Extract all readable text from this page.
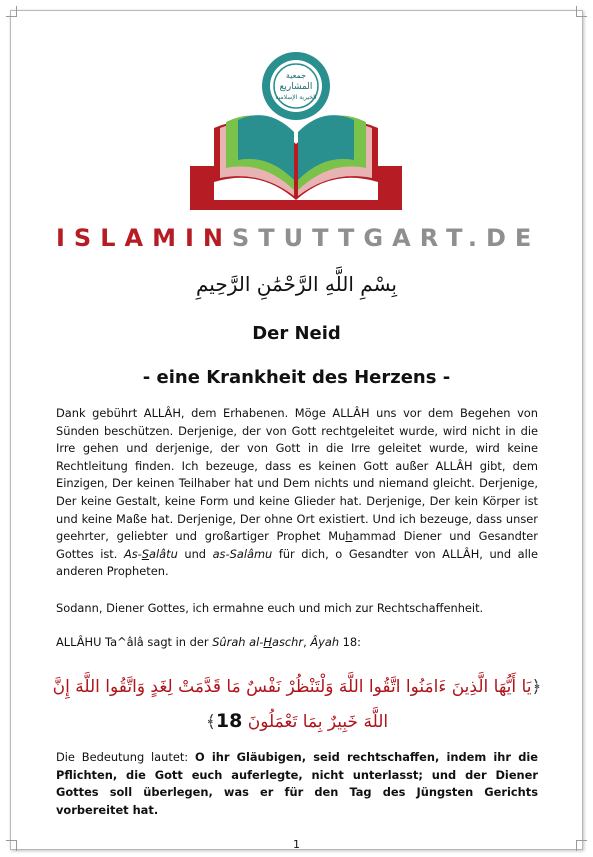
جمعية
المشاريع
الخيرية الإسلامية
ISLAMINSTUTTGART.DE
بِسْمِ اللَّهِ الرَّحْمَٰنِ الرَّحِيمِ
Der Neid
- eine Krankheit des Herzens -
Dank gebührt ALLÂH, dem Erhabenen. Möge ALLÂH uns vor dem Begehen von Sünden beschützen. Derjenige, der von Gott rechtgeleitet wurde, wird nicht in die Irre gehen und derjenige, der von Gott in die Irre geleitet wurde, wird keine Rechtleitung finden. Ich bezeuge, dass es keinen Gott außer ALLÂH gibt, dem Einzigen, Der keinen Teilhaber hat und Dem nichts und niemand gleicht. Derjenige, Der keine Gestalt, keine Form und keine Glieder hat. Derjenige, Der kein Körper ist und keine Maße hat. Derjenige, Der ohne Ort existiert. Und ich bezeuge, dass unser geehrter, geliebter und großartiger Prophet Muhammad Diener und Gesandter Gottes ist. As-Salâtu und as-Salâmu für dich, o Gesandter von ALLÂH, und alle anderen Propheten.
Sodann, Diener Gottes, ich ermahne euch und mich zur Rechtschaffenheit.
ALLÂHU Ta^âlâ sagt in der Sûrah al-Haschr, Âyah 18:
﴿يَا أَيُّهَا الَّذِينَ ءَامَنُوا اتَّقُوا اللَّهَ وَلْتَنْظُرْ نَفْسٌ مَا قَدَّمَتْ لِغَدٍ وَاتَّقُوا اللَّهَ إِنَّ اللَّهَ خَبِيرٌ بِمَا تَعْمَلُونَ 18﴾
Die Bedeutung lautet: O ihr Gläubigen, seid rechtschaffen, indem ihr die Pflichten, die Gott euch auferlegte, nicht unterlasst; und der Diener Gottes soll überlegen, was er für den Tag des Jüngsten Gerichts vorbereitet hat.
1
